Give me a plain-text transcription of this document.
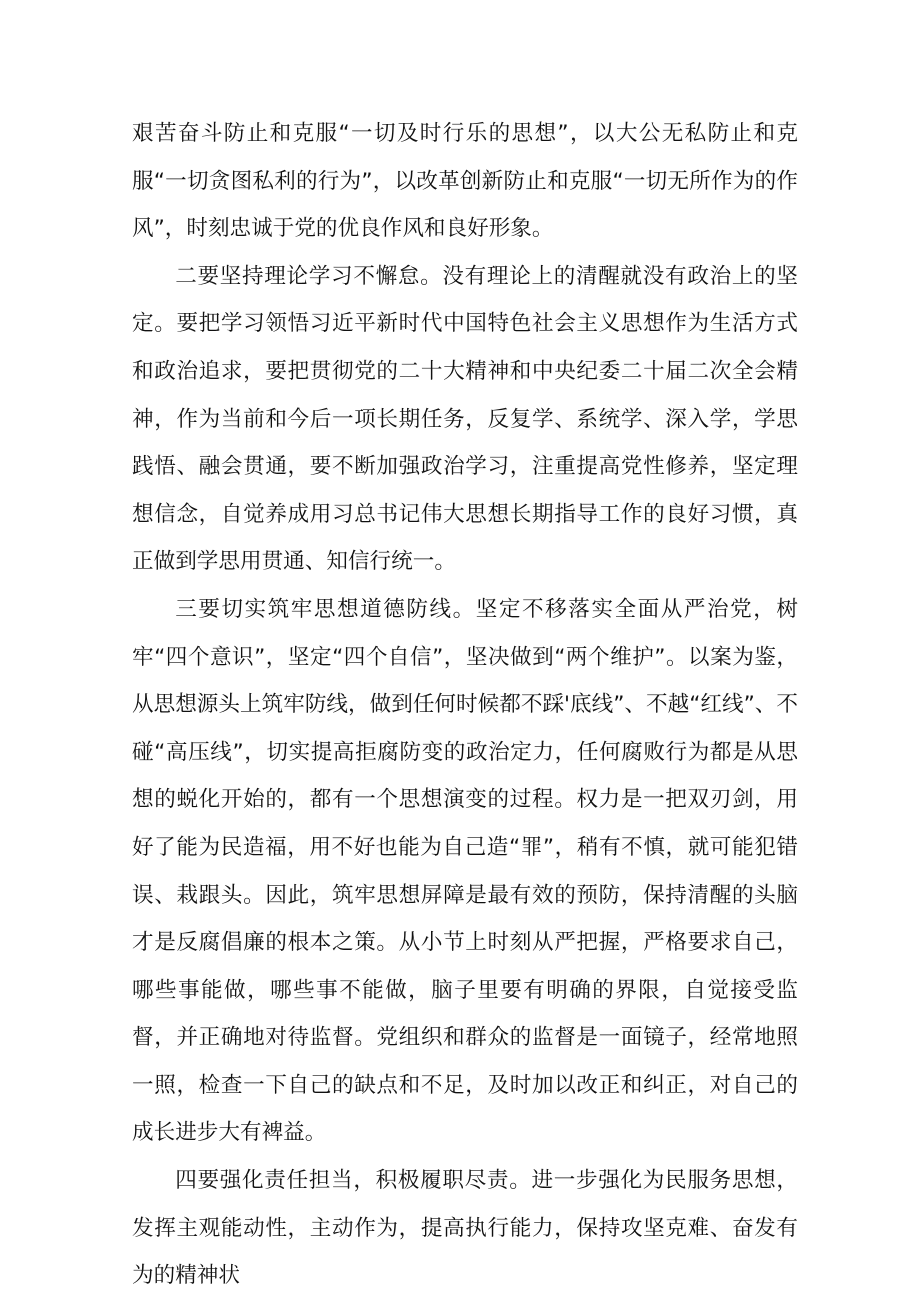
艰苦奋斗防止和克服“一切及时行乐的思想”，以大公无私防止和克服“一切贪图私利的行为”，以改革创新防止和克服“一切无所作为的作风”，时刻忠诚于党的优良作风和良好形象。

二要坚持理论学习不懈怠。没有理论上的清醒就没有政治上的坚定。要把学习领悟习近平新时代中国特色社会主义思想作为生活方式和政治追求，要把贯彻党的二十大精神和中央纪委二十届二次全会精神，作为当前和今后一项长期任务，反复学、系统学、深入学，学思践悟、融会贯通，要不断加强政治学习，注重提高党性修养，坚定理想信念，自觉养成用习总书记伟大思想长期指导工作的良好习惯，真正做到学思用贯通、知信行统一。

三要切实筑牢思想道德防线。坚定不移落实全面从严治党，树牢“四个意识”，坚定“四个自信”，坚决做到“两个维护”。以案为鉴，从思想源头上筑牢防线，做到任何时候都不踩'底线”、不越“红线”、不碰“高压线”，切实提高拒腐防变的政治定力，任何腐败行为都是从思想的蜕化开始的，都有一个思想演变的过程。权力是一把双刃剑，用好了能为民造福，用不好也能为自己造“罪”，稍有不慎，就可能犯错误、栽跟头。因此，筑牢思想屏障是最有效的预防，保持清醒的头脑才是反腐倡廉的根本之策。从小节上时刻从严把握，严格要求自己，哪些事能做，哪些事不能做，脑子里要有明确的界限，自觉接受监督，并正确地对待监督。党组织和群众的监督是一面镜子，经常地照一照，检查一下自己的缺点和不足，及时加以改正和纠正，对自己的成长进步大有裨益。

四要强化责任担当，积极履职尽责。进一步强化为民服务思想，发挥主观能动性，主动作为，提高执行能力，保持攻坚克难、奋发有为的精神状
